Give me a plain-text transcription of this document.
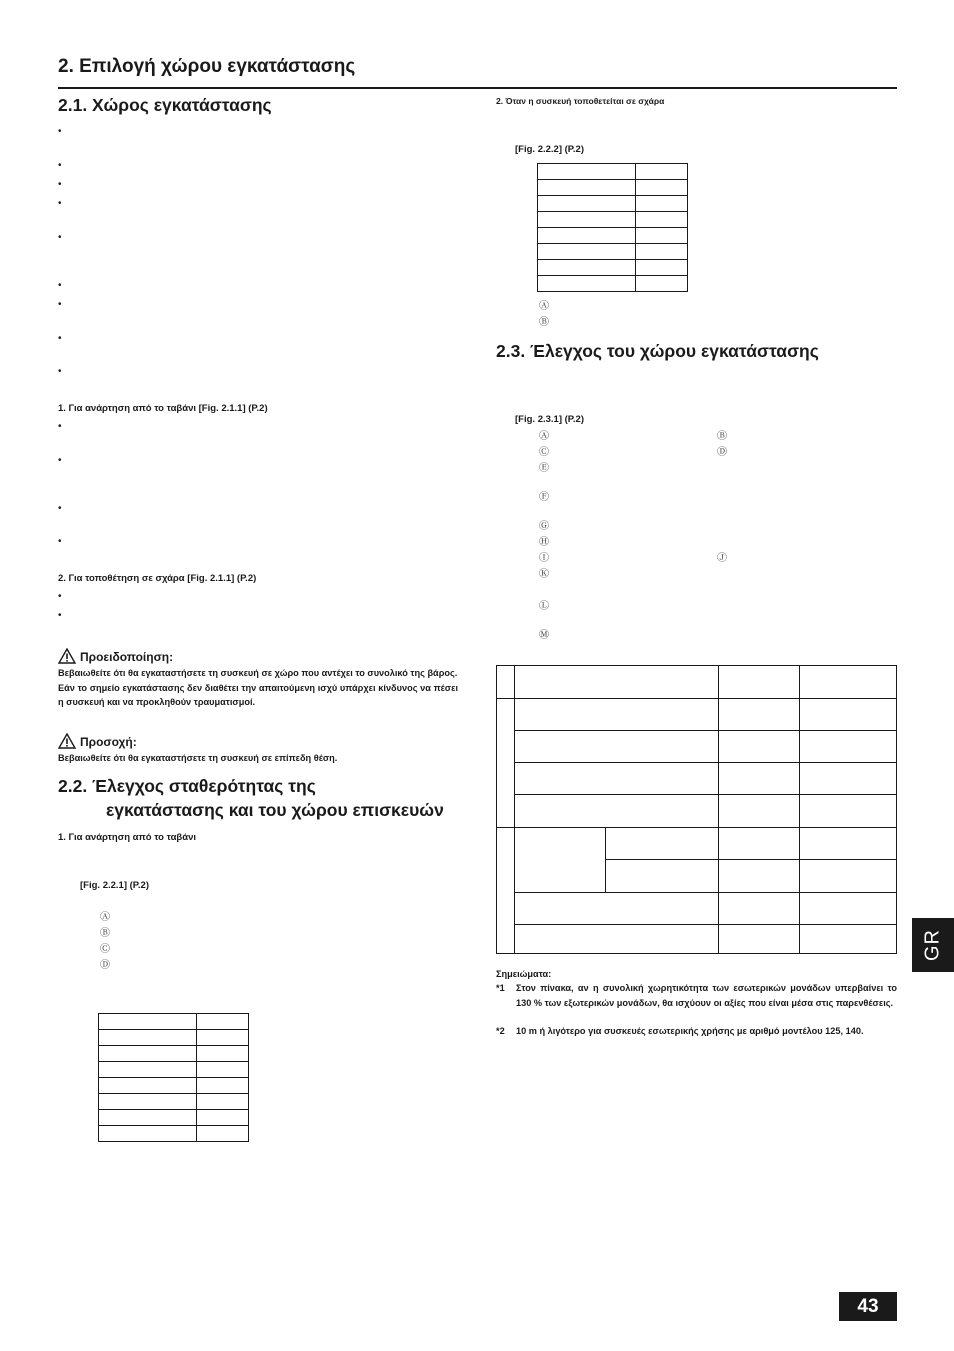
2. Επιλογή χώρου εγκατάστασης
2.1. Χώρος εγκατάστασης
•
•
•
•
•
•
•
•
•
1. Για ανάρτηση από το ταβάνι [Fig. 2.1.1] (P.2)
•
•
•
•
2. Για τοποθέτηση σε σχάρα [Fig. 2.1.1] (P.2)
•
•
Προειδοποίηση:
Βεβαιωθείτε ότι θα εγκαταστήσετε τη συσκευή σε χώρο που αντέχει το συνολικό της βάρος.
Εάν το σημείο εγκατάστασης δεν διαθέτει την απαιτούμενη ισχύ υπάρχει κίνδυνος να πέσει η συσκευή και να προκληθούν τραυματισμοί.
Προσοχή:
Βεβαιωθείτε ότι θα εγκαταστήσετε τη συσκευή σε επίπεδη θέση.
2.2. Έλεγχος σταθερότητας της
εγκατάστασης και του χώρου επισκευών
1. Για ανάρτηση από το ταβάνι
[Fig. 2.2.1] (P.2)
Ⓐ
Ⓑ
Ⓒ
Ⓓ

2. Όταν η συσκευή τοποθετείται σε σχάρα
[Fig. 2.2.2] (P.2)

Ⓐ
Ⓑ
2.3. Έλεγχος του χώρου εγκατάστασης
[Fig. 2.3.1] (P.2)
Ⓐ	Ⓑ
Ⓒ	Ⓓ
Ⓔ
Ⓕ
Ⓖ
Ⓗ
Ⓘ	Ⓙ
Ⓚ
Ⓛ
Ⓜ
Σημειώματα:
*1 Στον πίνακα, αν η συνολική χωρητικότητα των εσωτερικών μονάδων υπερβαίνει το 130 % των εξωτερικών μονάδων, θα ισχύουν οι αξίες που είναι μέσα στις παρενθέσεις.
*2 10 m ή λιγότερο για συσκευές εσωτερικής χρήσης με αριθμό μοντέλου 125, 140.
GR
43
